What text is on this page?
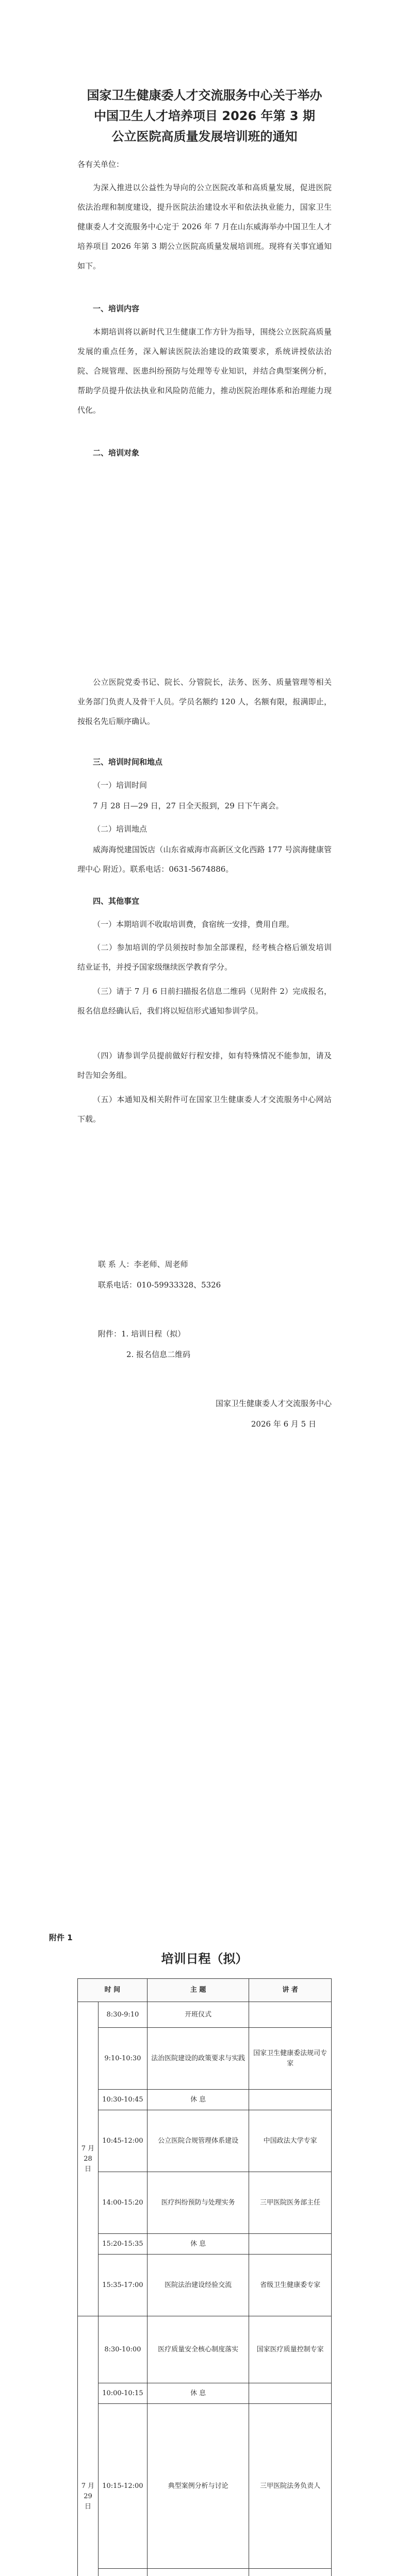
国家卫生健康委人才交流服务中心关于举办
中国卫生人才培养项目 2026 年第 3 期
公立医院高质量发展培训班的通知
各有关单位：
为深入推进以公益性为导向的公立医院改革和高质量发展，促进医院依法治理和制度建设，提升医院法治建设水平和依法执业能力，国家卫生健康委人才交流服务中心定于 2026 年 7 月在山东威海举办中国卫生人才培养项目 2026 年第 3 期公立医院高质量发展培训班。现将有关事宜通知如下。
一、培训内容
本期培训将以新时代卫生健康工作方针为指导，围绕公立医院高质量发展的重点任务，深入解读医院法治建设的政策要求，系统讲授依法治院、合规管理、医患纠纷预防与处理等专业知识，并结合典型案例分析，帮助学员提升依法执业和风险防范能力，推动医院治理体系和治理能力现代化。
二、培训对象
公立医院党委书记、院长、分管院长，法务、医务、质量管理等相关业务部门负责人及骨干人员。学员名额约 120 人，名额有限，报满即止，按报名先后顺序确认。
三、培训时间和地点
（一）培训时间
7 月 28 日—29 日，27 日全天报到，29 日下午离会。
（二）培训地点
威海海悦建国饭店（山东省威海市高新区文化西路 177 号滨海健康管理中心 附近）。联系电话：0631-5674886。
四、其他事宜
（一）本期培训不收取培训费，食宿统一安排，费用自理。
（二）参加培训的学员须按时参加全部课程，经考核合格后颁发培训结业证书，并授予国家级继续医学教育学分。
（三）请于 7 月 6 日前扫描报名信息二维码（见附件 2）完成报名，报名信息经确认后，我们将以短信形式通知参训学员。
（四）请参训学员提前做好行程安排，如有特殊情况不能参加，请及时告知会务组。
（五）本通知及相关附件可在国家卫生健康委人才交流服务中心网站下载。
联 系 人：李老师、周老师
联系电话：010-59933328、5326
附件：1. 培训日程（拟）
2. 报名信息二维码
国家卫生健康委人才交流服务中心
2026 年 6 月 5 日
附件 1
培训日程（拟）
时 间		主 题	讲 者
7 月 28 日	8:30-9:10	开班仪式	
	9:10-10:30	法治医院建设的政策要求与实践	国家卫生健康委法规司专家
	10:30-10:45	休 息	
	10:45-12:00	公立医院合规管理体系建设	中国政法大学专家
	14:00-15:20	医疗纠纷预防与处理实务	三甲医院医务部主任
	15:20-15:35	休 息	
	15:35-17:00	医院法治建设经验交流	省级卫生健康委专家
7 月 29 日	8:30-10:00	医疗质量安全核心制度落实	国家医疗质量控制专家
	10:00-10:15	休 息	
	10:15-12:00	典型案例分析与讨论	三甲医院法务负责人
